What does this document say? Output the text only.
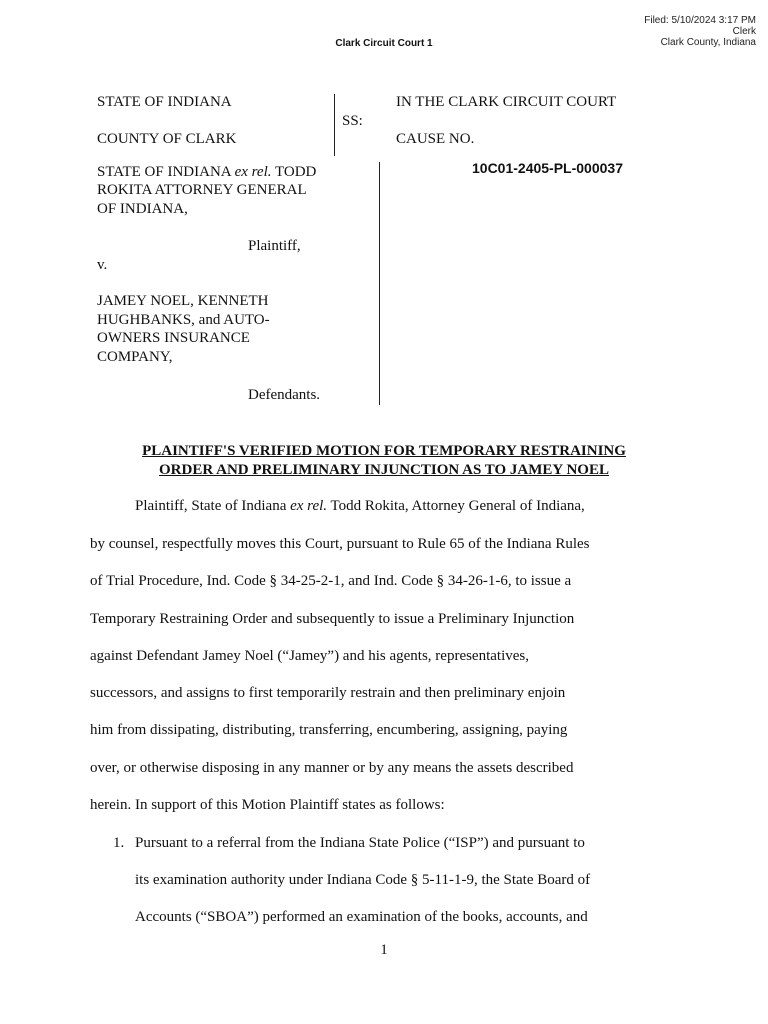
Filed: 5/10/2024 3:17 PM
Clerk
Clark County, Indiana
Clark Circuit Court 1
STATE OF INDIANA
COUNTY OF CLARK
SS:
IN THE CLARK CIRCUIT COURT
CAUSE NO.
10C01-2405-PL-000037
STATE OF INDIANA ex rel. TODD
ROKITA ATTORNEY GENERAL
OF INDIANA,
Plaintiff,
v.
JAMEY NOEL, KENNETH
HUGHBANKS, and AUTO-
OWNERS INSURANCE
COMPANY,
Defendants.
PLAINTIFF'S VERIFIED MOTION FOR TEMPORARY RESTRAINING
ORDER AND PRELIMINARY INJUNCTION AS TO JAMEY NOEL
Plaintiff, State of Indiana ex rel. Todd Rokita, Attorney General of Indiana,
by counsel, respectfully moves this Court, pursuant to Rule 65 of the Indiana Rules
of Trial Procedure, Ind. Code § 34-25-2-1, and Ind. Code § 34-26-1-6, to issue a
Temporary Restraining Order and subsequently to issue a Preliminary Injunction
against Defendant Jamey Noel (“Jamey”) and his agents, representatives,
successors, and assigns to first temporarily restrain and then preliminary enjoin
him from dissipating, distributing, transferring, encumbering, assigning, paying
over, or otherwise disposing in any manner or by any means the assets described
herein. In support of this Motion Plaintiff states as follows:
1. Pursuant to a referral from the Indiana State Police (“ISP”) and pursuant to
its examination authority under Indiana Code § 5-11-1-9, the State Board of
Accounts (“SBOA”) performed an examination of the books, accounts, and
1
